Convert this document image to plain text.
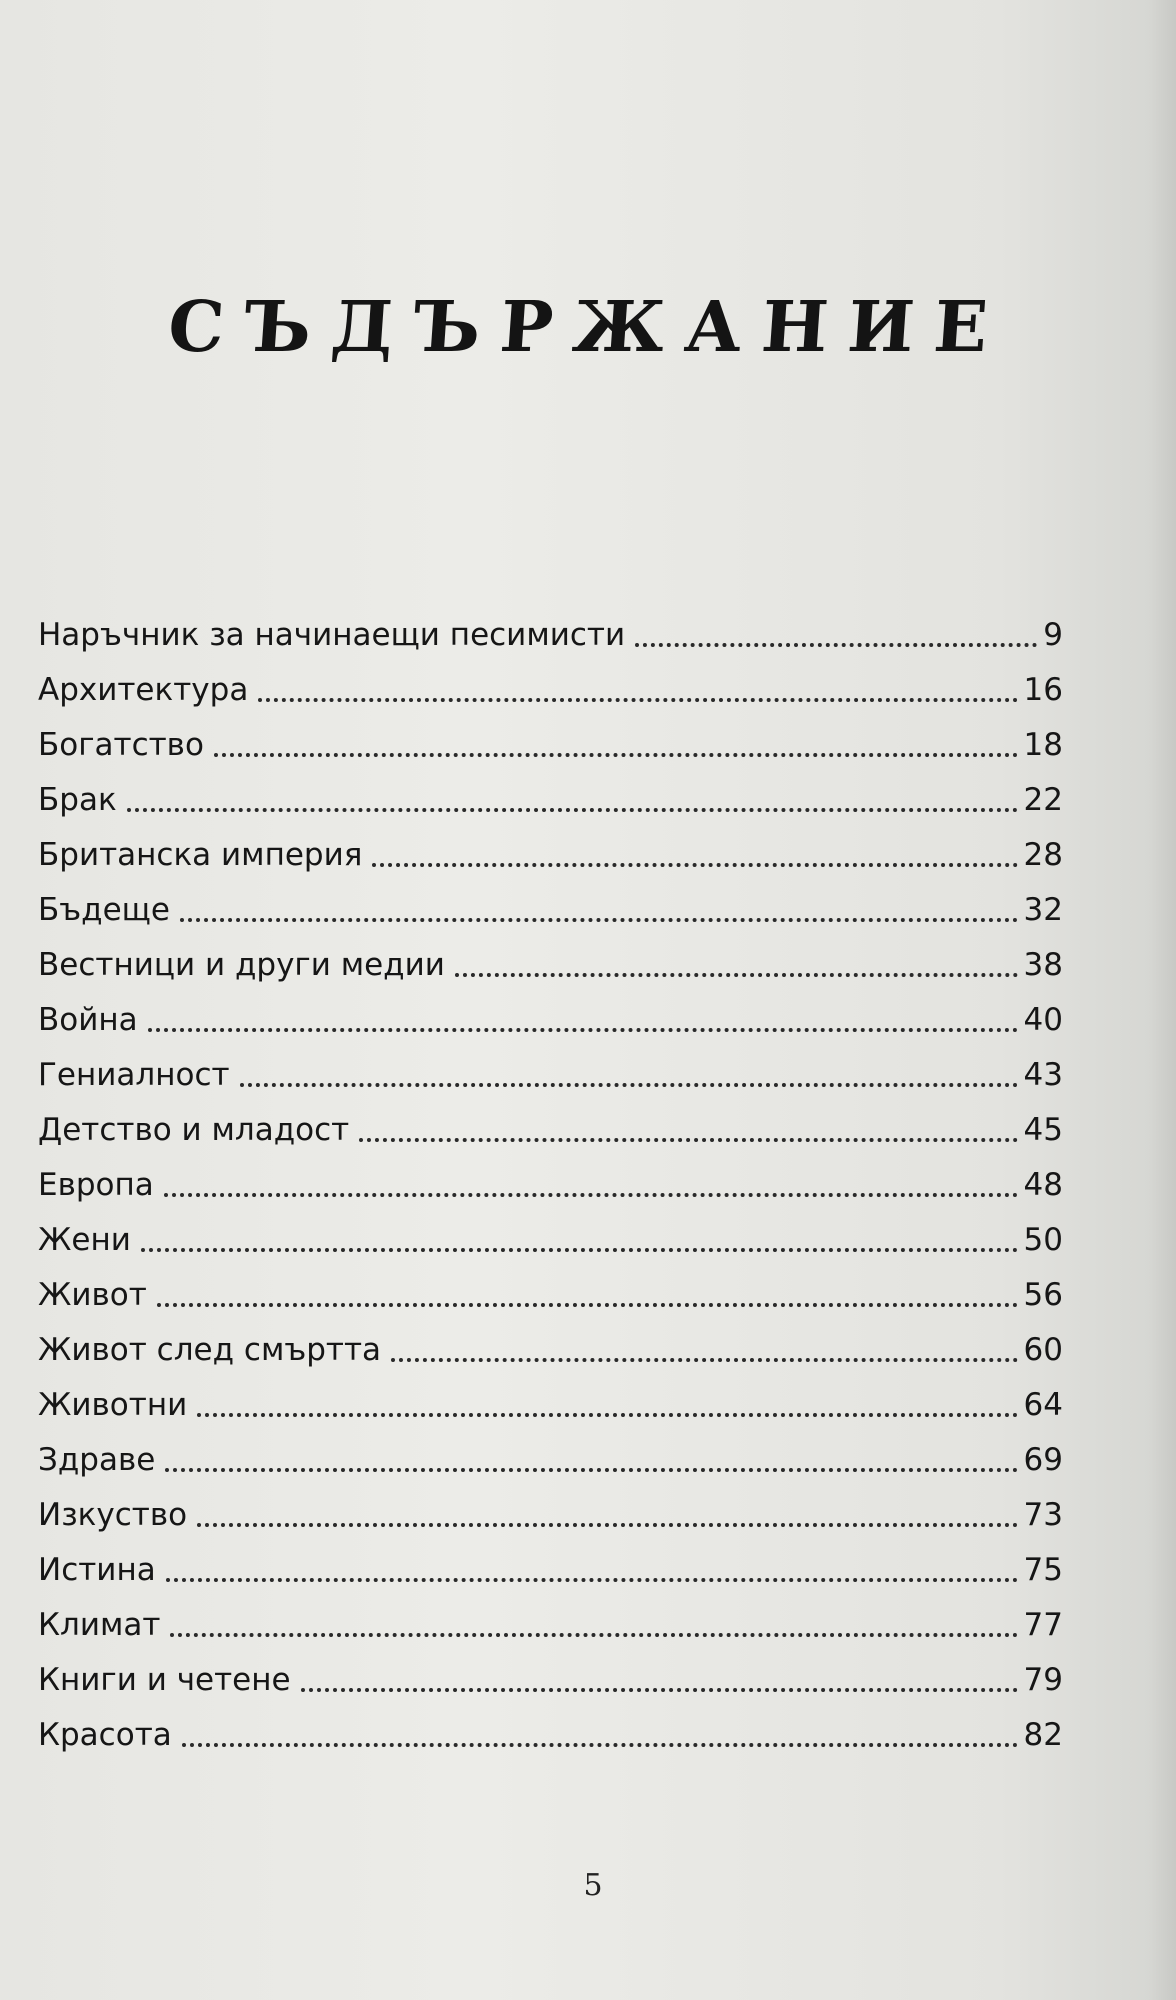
СЪДЪРЖАНИЕ
Наръчник за начинаещи песимисти	9
Архитектура	16
Богатство	18
Брак	22
Британска империя	28
Бъдеще	32
Вестници и други медии	38
Война	40
Гениалност	43
Детство и младост	45
Европа	48
Жени	50
Живот	56
Живот след смъртта	60
Животни	64
Здраве	69
Изкуство	73
Истина	75
Климат	77
Книги и четене	79
Красота	82
5
